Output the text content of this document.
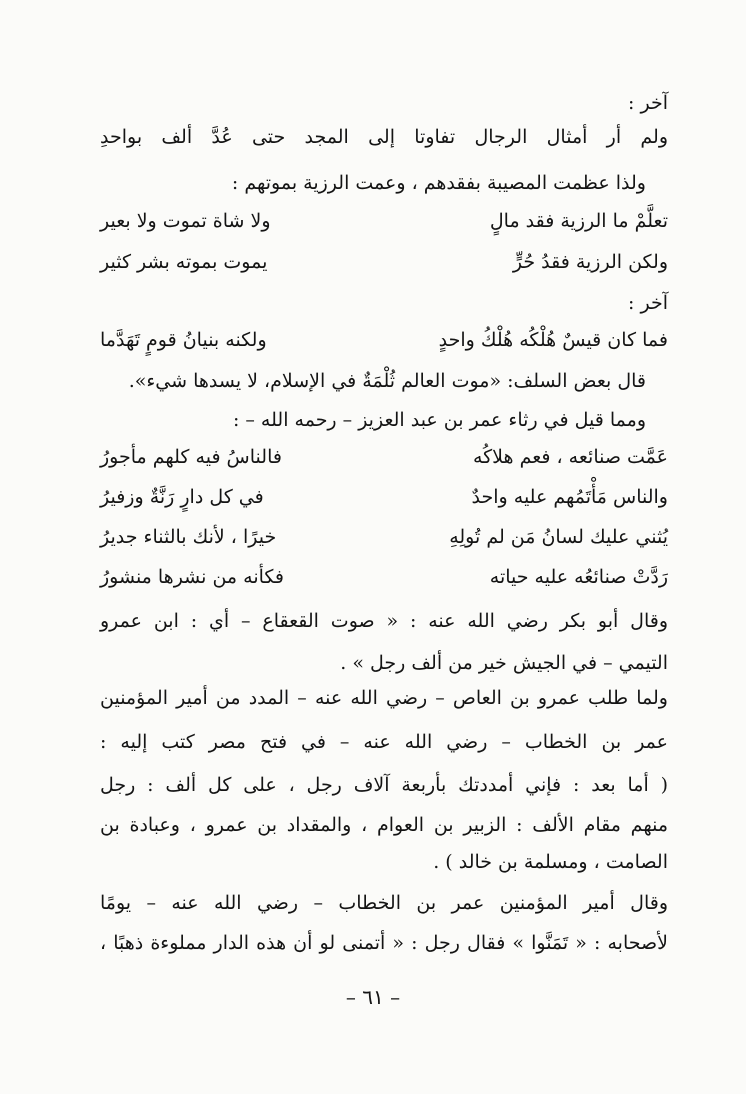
آخر :
ولم أر أمثال الرجال تفاوتا إلى المجد حتى عُدَّ ألف بواحدِ
ولذا عظمت المصيبة بفقدهم ، وعمت الرزية بموتهم :
تعلَّمْ ما الرزية فقد مالٍ
ولا شاة تموت ولا بعير
ولكن الرزية فقدُ حُرٍّ
يموت بموته بشر كثير
آخر :
فما كان قيسٌ هُلْكُه هُلْكُ واحدٍ
ولكنه بنيانُ قومٍ تَهَدَّما
قال بعض السلف: «موت العالم ثُلْمَةٌ في الإسلام، لا يسدها شيء».
ومما قيل في رثاء عمر بن عبد العزيز – رحمه الله – :
عَمَّت صنائعه ، فعم هلاكُه
فالناسُ فيه كلهم مأجورُ
والناس مَأْتَمُهم عليه واحدٌ
في كل دارٍ رَنَّةٌ وزفيرُ
يُثني عليك لسانُ مَن لم تُولِهِ
خيرًا ، لأنك بالثناء جديرُ
رَدَّتْ صنائعُه عليه حياته
فكأنه من نشرها منشورُ
وقال أبو بكر رضي الله عنه : « صوت القعقاع – أي : ابن عمرو
التيمي – في الجيش خير من ألف رجل » .
ولما طلب عمرو بن العاص – رضي الله عنه – المدد من أمير المؤمنين
عمر بن الخطاب – رضي الله عنه – في فتح مصر كتب إليه :
( أما بعد : فإني أمددتك بأربعة آلاف رجل ، على كل ألف : رجل
منهم مقام الألف : الزبير بن العوام ، والمقداد بن عمرو ، وعبادة بن
الصامت ، ومسلمة بن خالد ) .
وقال أمير المؤمنين عمر بن الخطاب – رضي الله عنه – يومًا
لأصحابه : « تَمَنَّوا » فقال رجل : « أتمنى لو أن هذه الدار مملوءة ذهبًا ،
– ٦١ –
